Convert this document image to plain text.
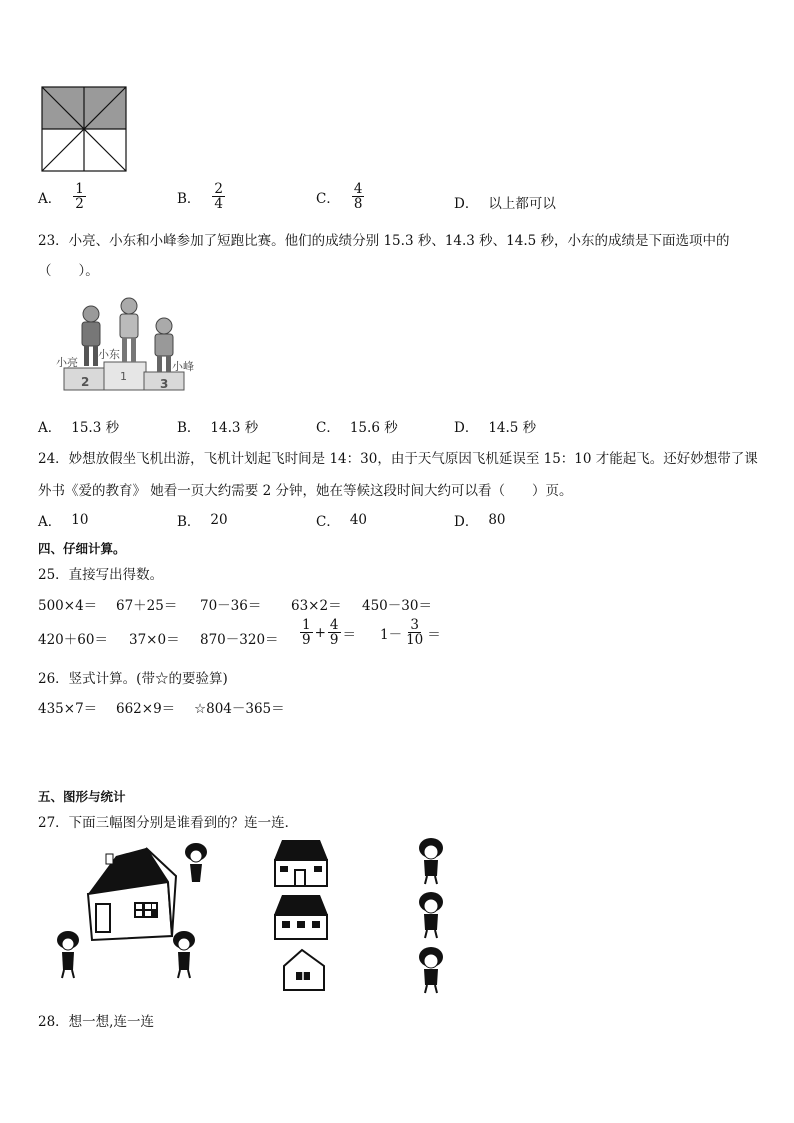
A． $\frac{1}{2}$	B． $\frac{2}{4}$	C． $\frac{4}{8}$	D． 以上都可以
23．小亮、小东和小峰参加了短跑比赛。他们的成绩分别 15.3 秒、14.3 秒、14.5 秒，小东的成绩是下面选项中的
（　　）。
2	1
3
小亮
小东
小峰
A． 15.3 秒	B． 14.3 秒	C． 15.6 秒	D． 14.5 秒
24．妙想放假坐飞机出游，飞机计划起飞时间是 14：30，由于天气原因飞机延误至 15：10 才能起飞。还好妙想带了课
外书《爱的教育》 她看一页大约需要 2 分钟，她在等候这段时间大约可以看（　　）页。
A． 10	B． 20	C． 40	D． 80
四、仔细计算。
25．直接写出得数。
500×4＝ 67＋25＝ 70－36＝ 63×2＝ 450－30＝
$420+60= 37\times 0= 870-320= \frac{1}{9} + \frac{4}{9} = 1- \frac{3}{10}$ ＝
26．竖式计算。(带☆的要验算)
435×7＝ 662×9＝ ☆804－365＝
五、图形与统计
27．下面三幅图分别是谁看到的？连一连．
28．想一想,连一连
